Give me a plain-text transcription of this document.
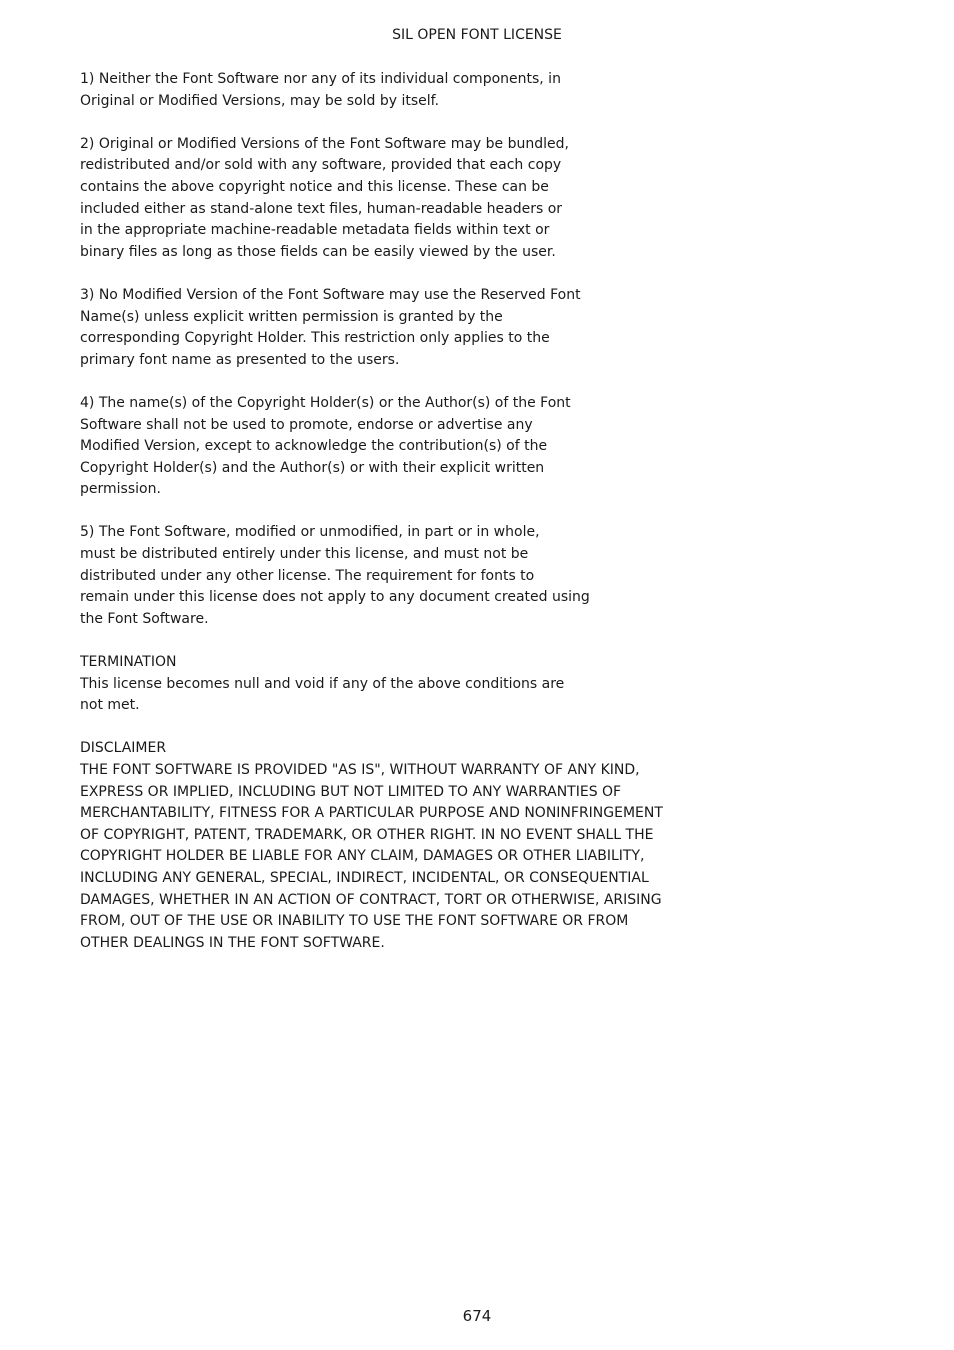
SIL OPEN FONT LICENSE
1) Neither the Font Software nor any of its individual components, in
Original or Modified Versions, may be sold by itself.
2) Original or Modified Versions of the Font Software may be bundled,
redistributed and/or sold with any software, provided that each copy
contains the above copyright notice and this license. These can be
included either as stand-alone text files, human-readable headers or
in the appropriate machine-readable metadata fields within text or
binary files as long as those fields can be easily viewed by the user.
3) No Modified Version of the Font Software may use the Reserved Font
Name(s) unless explicit written permission is granted by the
corresponding Copyright Holder. This restriction only applies to the
primary font name as presented to the users.
4) The name(s) of the Copyright Holder(s) or the Author(s) of the Font
Software shall not be used to promote, endorse or advertise any
Modified Version, except to acknowledge the contribution(s) of the
Copyright Holder(s) and the Author(s) or with their explicit written
permission.
5) The Font Software, modified or unmodified, in part or in whole,
must be distributed entirely under this license, and must not be
distributed under any other license. The requirement for fonts to
remain under this license does not apply to any document created using
the Font Software.
TERMINATION
This license becomes null and void if any of the above conditions are
not met.
DISCLAIMER
THE FONT SOFTWARE IS PROVIDED "AS IS", WITHOUT WARRANTY OF ANY KIND,
EXPRESS OR IMPLIED, INCLUDING BUT NOT LIMITED TO ANY WARRANTIES OF
MERCHANTABILITY, FITNESS FOR A PARTICULAR PURPOSE AND NONINFRINGEMENT
OF COPYRIGHT, PATENT, TRADEMARK, OR OTHER RIGHT. IN NO EVENT SHALL THE
COPYRIGHT HOLDER BE LIABLE FOR ANY CLAIM, DAMAGES OR OTHER LIABILITY,
INCLUDING ANY GENERAL, SPECIAL, INDIRECT, INCIDENTAL, OR CONSEQUENTIAL
DAMAGES, WHETHER IN AN ACTION OF CONTRACT, TORT OR OTHERWISE, ARISING
FROM, OUT OF THE USE OR INABILITY TO USE THE FONT SOFTWARE OR FROM
OTHER DEALINGS IN THE FONT SOFTWARE.
674
